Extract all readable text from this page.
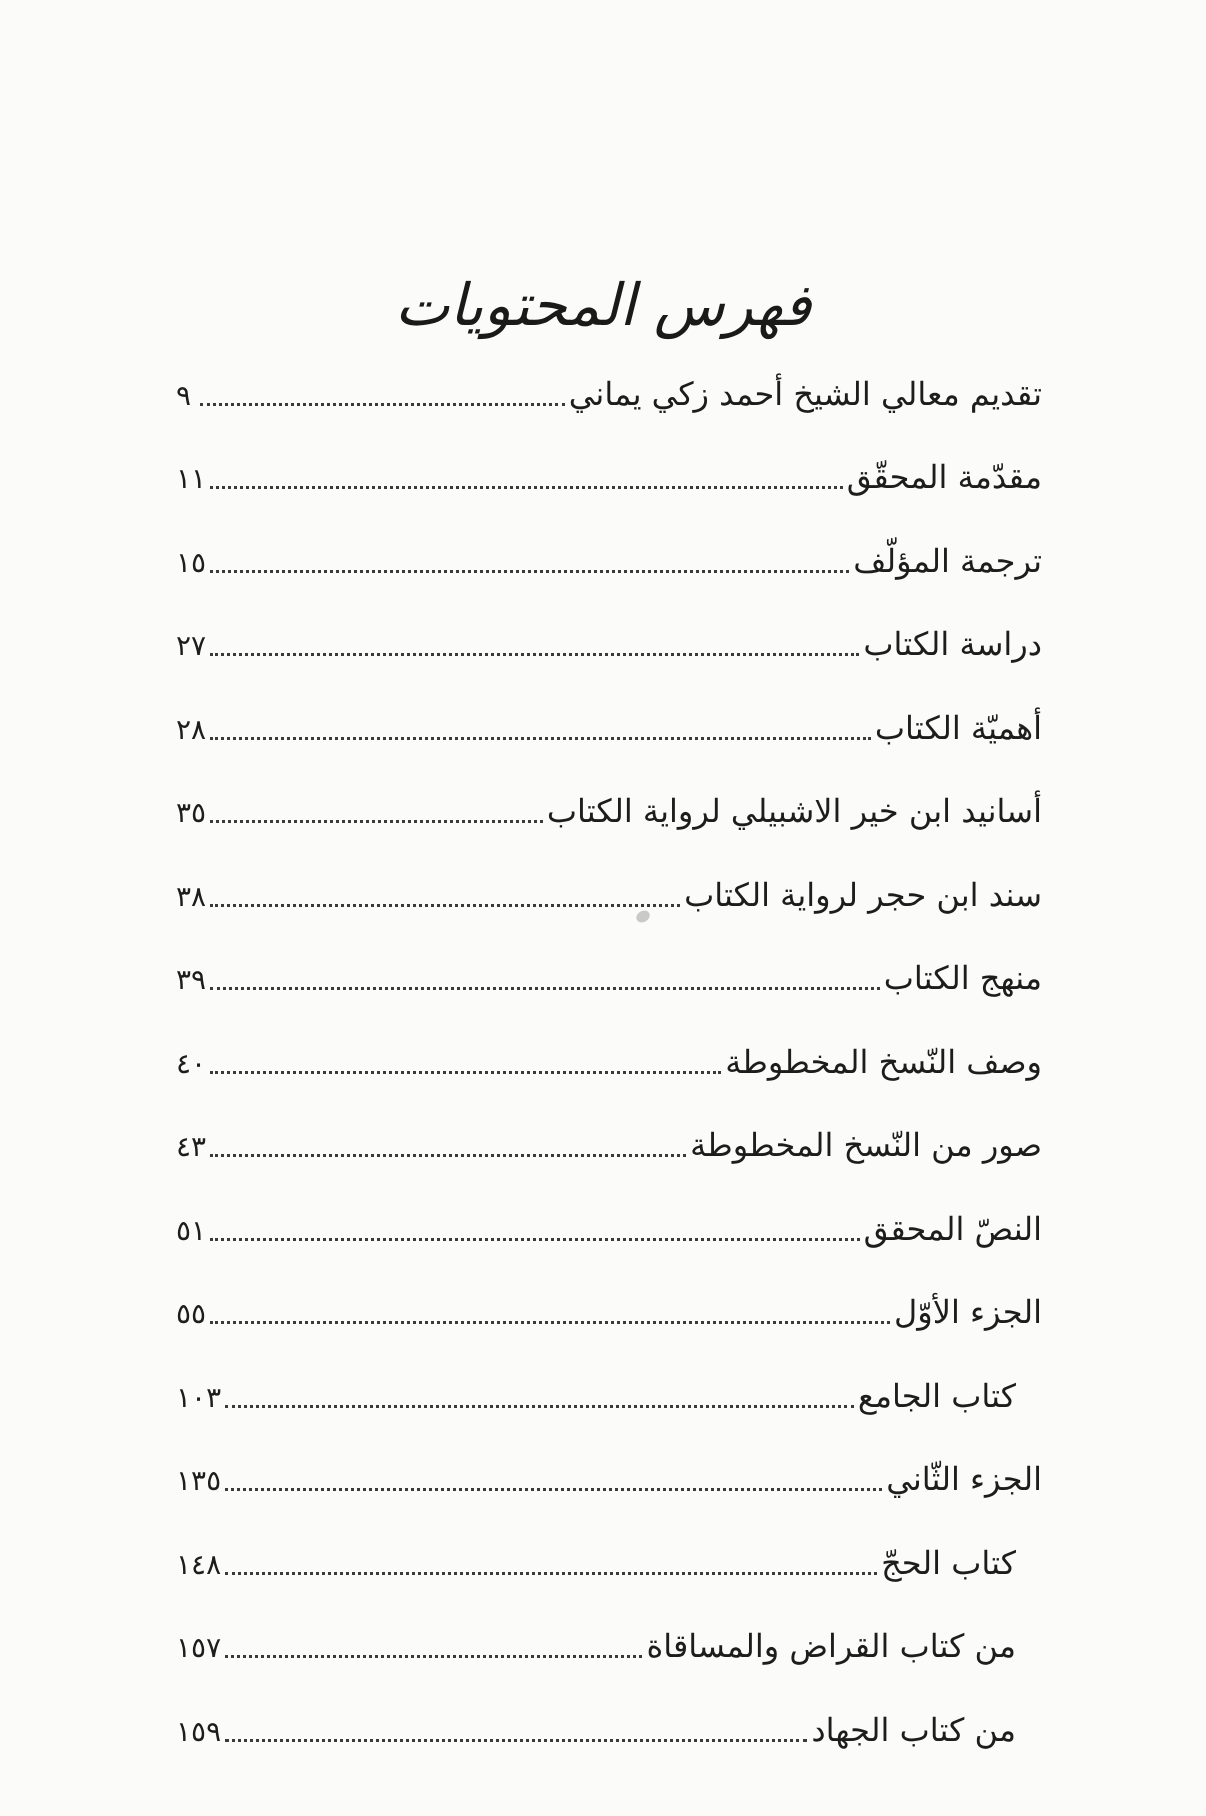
فهرس المحتويات
تقديم معالي الشيخ أحمد زكي يماني
٩
مقدّمة المحقّق
١١
ترجمة المؤلّف
١٥
دراسة الكتاب
٢٧
أهميّة الكتاب
٢٨
أسانيد ابن خير الاشبيلي لرواية الكتاب
٣٥
سند ابن حجر لرواية الكتاب
٣٨
منهج الكتاب
٣٩
وصف النّسخ المخطوطة
٤٠
صور من النّسخ المخطوطة
٤٣
النصّ المحقق
٥١
الجزء الأوّل
٥٥
كتاب الجامع
١٠٣
الجزء الثّاني
١٣٥
كتاب الحجّ
١٤٨
من كتاب القراض والمساقاة
١٥٧
من كتاب الجهاد
١٥٩
